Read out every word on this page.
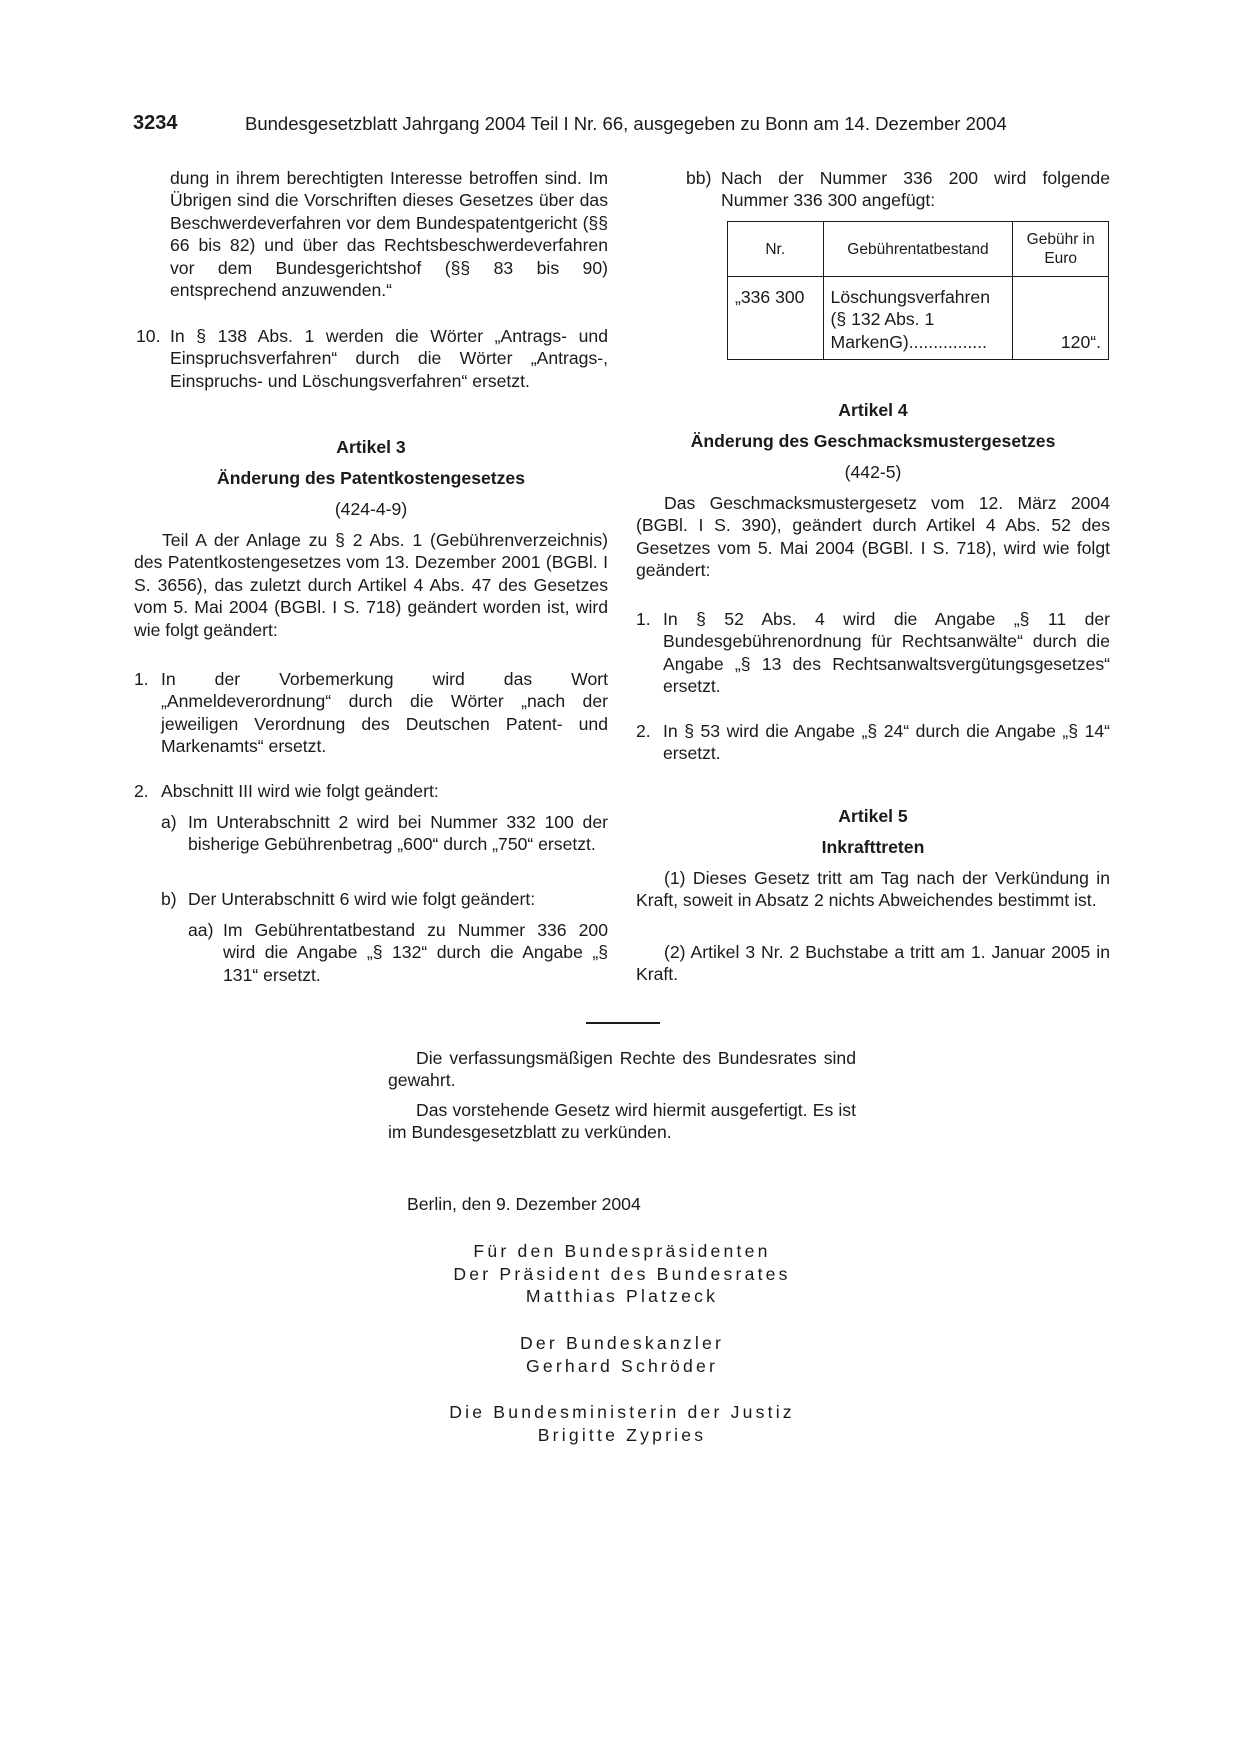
3234	Bundesgesetzblatt Jahrgang 2004 Teil I Nr. 66, ausgegeben zu Bonn am 14. Dezember 2004

dung in ihrem berechtigten Interesse betroffen sind. Im Übrigen sind die Vorschriften dieses Gesetzes über das Beschwerdeverfahren vor dem Bundespatentgericht (§§ 66 bis 82) und über das Rechtsbeschwerdeverfahren vor dem Bundesgerichtshof (§§ 83 bis 90) entsprechend anzuwenden.“

10. In § 138 Abs. 1 werden die Wörter „Antrags- und Einspruchsverfahren“ durch die Wörter „Antrags-, Einspruchs- und Löschungsverfahren“ ersetzt.
Artikel 3
Änderung des Patentkostengesetzes
(424-4-9)

Teil A der Anlage zu § 2 Abs. 1 (Gebührenverzeichnis) des Patentkostengesetzes vom 13. Dezember 2001 (BGBl. I S. 3656), das zuletzt durch Artikel 4 Abs. 47 des Gesetzes vom 5. Mai 2004 (BGBl. I S. 718) geändert worden ist, wird wie folgt geändert:

1. In der Vorbemerkung wird das Wort „Anmeldeverordnung“ durch die Wörter „nach der jeweiligen Verordnung des Deutschen Patent- und Markenamts“ ersetzt.
2. Abschnitt III wird wie folgt geändert:
a) Im Unterabschnitt 2 wird bei Nummer 332 100 der bisherige Gebührenbetrag „600“ durch „750“ ersetzt.
b) Der Unterabschnitt 6 wird wie folgt geändert:
aa) Im Gebührentatbestand zu Nummer 336 200 wird die Angabe „§ 132“ durch die Angabe „§ 131“ ersetzt.
bb) Nach der Nummer 336 200 wird folgende Nummer 336 300 angefügt:
Nr.	Gebührentatbestand	Gebühr in Euro
„336 300	Löschungsverfahren (§ 132 Abs. 1 MarkenG)................	120“.
Artikel 4
Änderung des Geschmacksmustergesetzes
(442-5)

Das Geschmacksmustergesetz vom 12. März 2004 (BGBl. I S. 390), geändert durch Artikel 4 Abs. 52 des Gesetzes vom 5. Mai 2004 (BGBl. I S. 718), wird wie folgt geändert:

1. In § 52 Abs. 4 wird die Angabe „§ 11 der Bundesgebührenordnung für Rechtsanwälte“ durch die Angabe „§ 13 des Rechtsanwaltsvergütungsgesetzes“ ersetzt.
2. In § 53 wird die Angabe „§ 24“ durch die Angabe „§ 14“ ersetzt.
Artikel 5
Inkrafttreten

(1) Dieses Gesetz tritt am Tag nach der Verkündung in Kraft, soweit in Absatz 2 nichts Abweichendes bestimmt ist.

(2) Artikel 3 Nr. 2 Buchstabe a tritt am 1. Januar 2005 in Kraft.

Die verfassungsmäßigen Rechte des Bundesrates sind gewahrt.

Das vorstehende Gesetz wird hiermit ausgefertigt. Es ist im Bundesgesetzblatt zu verkünden.

Berlin, den 9. Dezember 2004
Für den Bundespräsidenten
Der Präsident des Bundesrates
Matthias Platzeck
Der Bundeskanzler
Gerhard Schröder
Die Bundesministerin der Justiz
Brigitte Zypries
